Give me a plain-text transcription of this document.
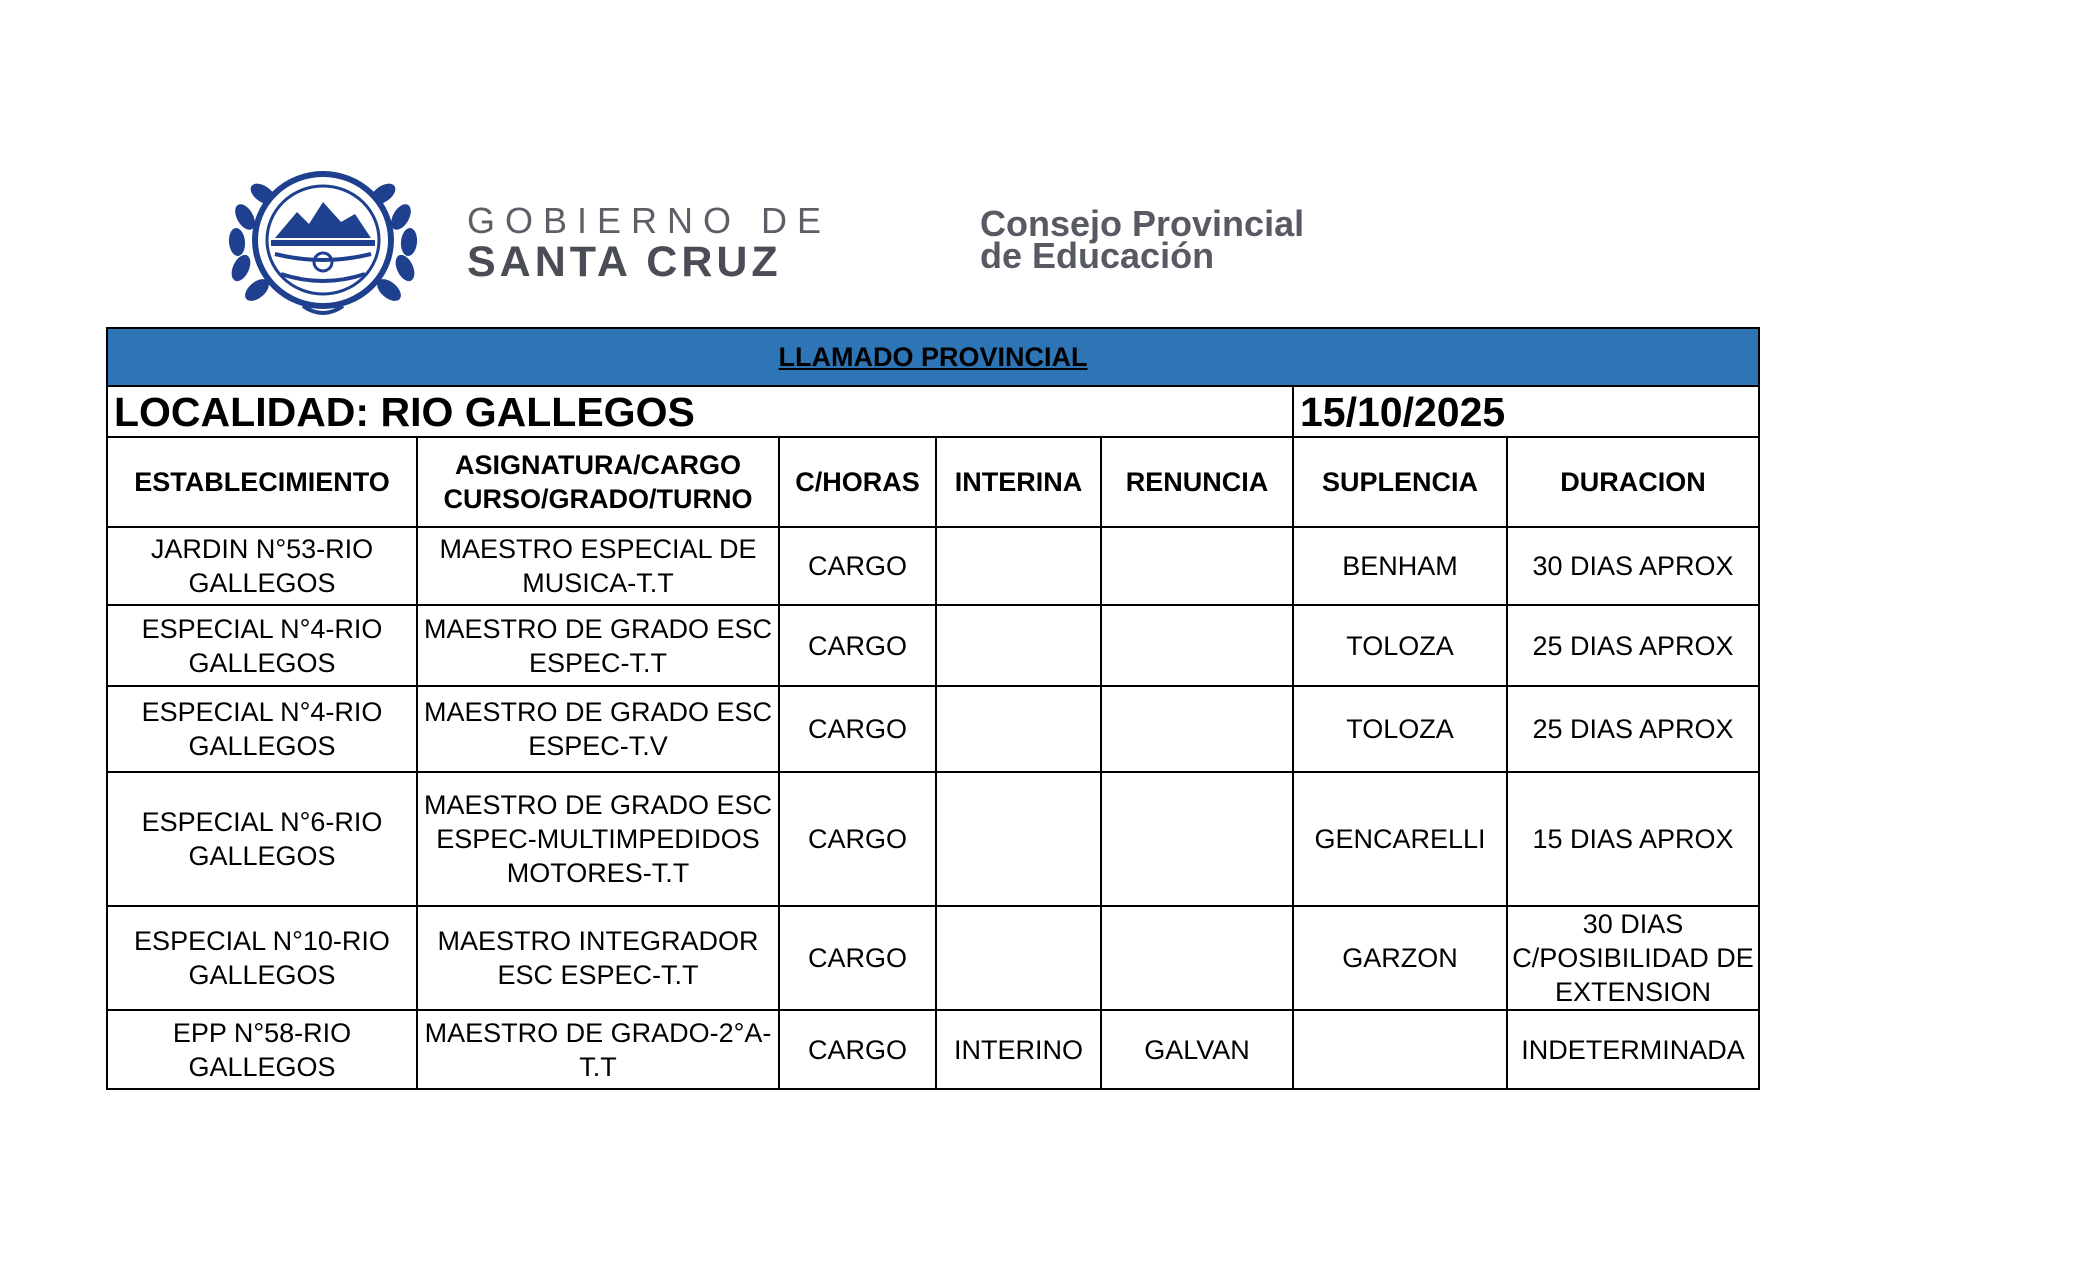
GOBIERNO DE
SANTA CRUZ
Consejo Provincial
de Educación
LLAMADO PROVINCIAL						
LOCALIDAD: RIO GALLEGOS					15/10/2025	
ESTABLECIMIENTO	ASIGNATURA/CARGO CURSO/GRADO/TURNO	C/HORAS	INTERINA	RENUNCIA	SUPLENCIA	DURACION
JARDIN N°53-RIO GALLEGOS	MAESTRO ESPECIAL DE MUSICA-T.T	CARGO			BENHAM	30 DIAS APROX
ESPECIAL N°4-RIO GALLEGOS	MAESTRO DE GRADO ESC ESPEC-T.T	CARGO			TOLOZA	25 DIAS APROX
ESPECIAL N°4-RIO GALLEGOS	MAESTRO DE GRADO ESC ESPEC-T.V	CARGO			TOLOZA	25 DIAS APROX
ESPECIAL N°6-RIO GALLEGOS	MAESTRO DE GRADO ESC ESPEC-MULTIMPEDIDOS MOTORES-T.T	CARGO			GENCARELLI	15 DIAS APROX
ESPECIAL N°10-RIO GALLEGOS	MAESTRO INTEGRADOR ESC ESPEC-T.T	CARGO			GARZON	30 DIAS C/POSIBILIDAD DE EXTENSION
EPP N°58-RIO GALLEGOS	MAESTRO DE GRADO-2°A-T.T	CARGO	INTERINO	GALVAN		INDETERMINADA
